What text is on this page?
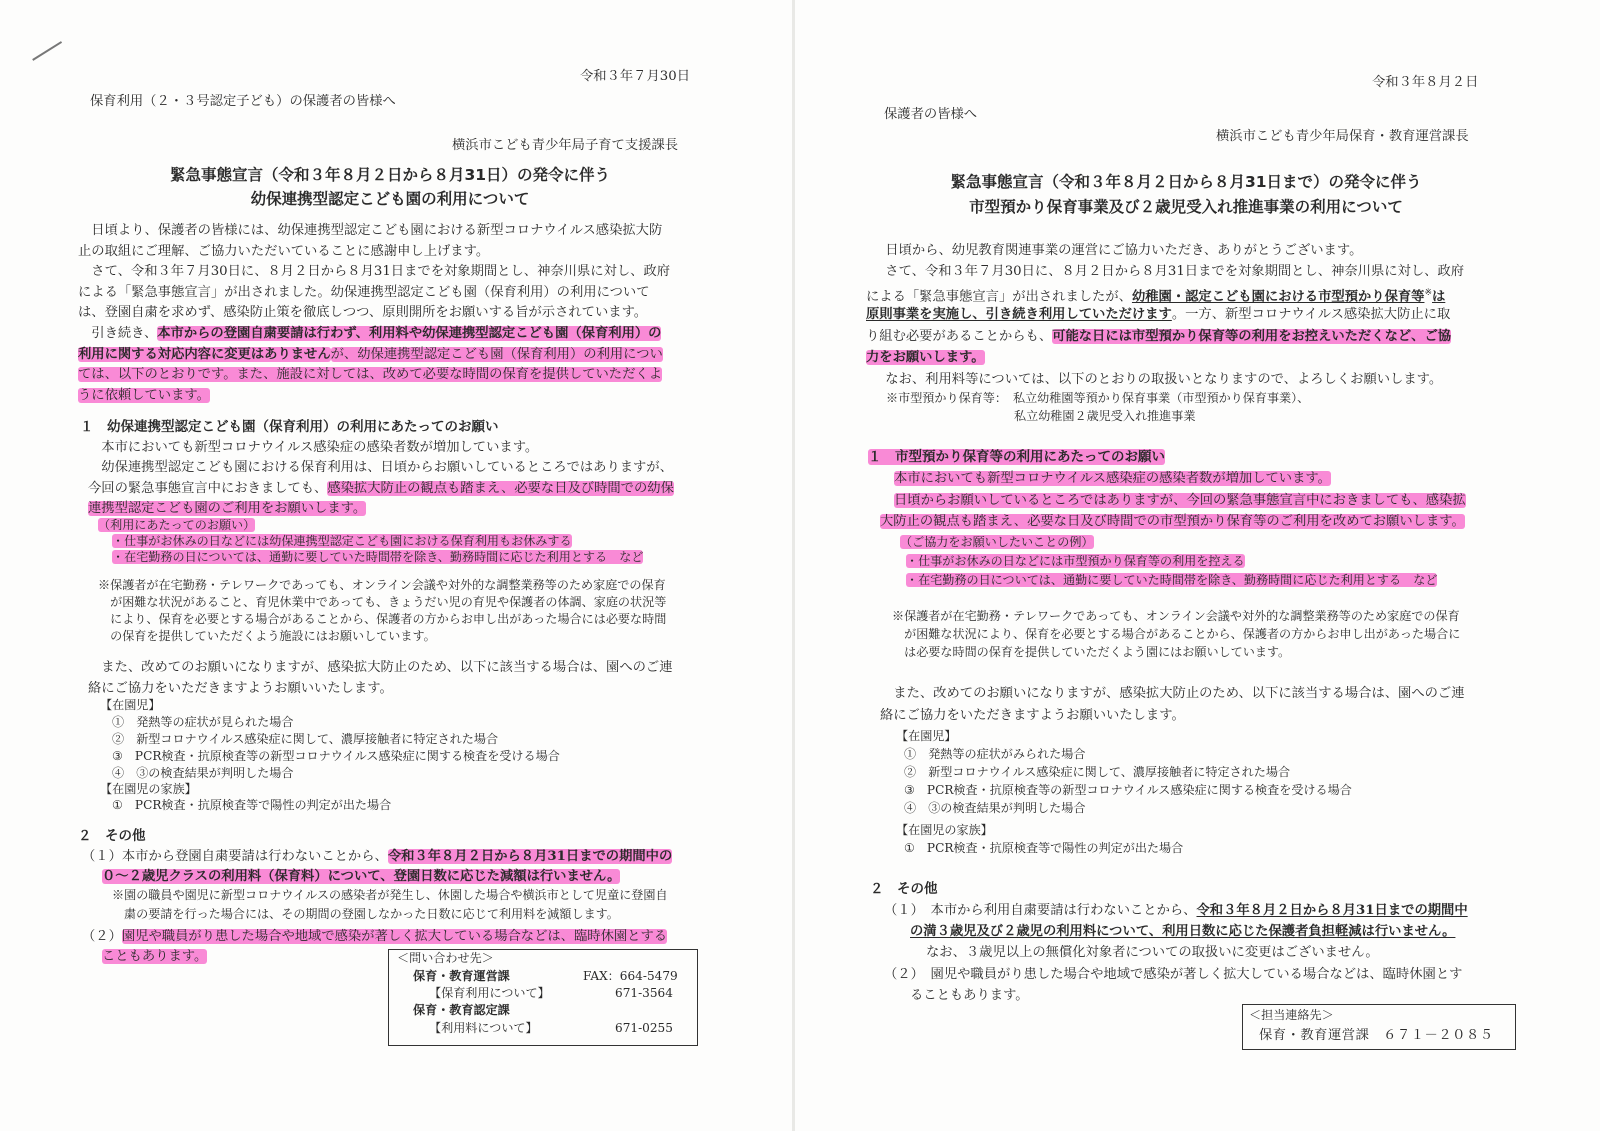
令和３年７月30日
保育利用（２・３号認定子ども）の保護者の皆様へ
横浜市こども青少年局子育て支援課長
緊急事態宣言（令和３年８月２日から８月31日）の発令に伴う
幼保連携型認定こども園の利用について
　日頃より、保護者の皆様には、幼保連携型認定こども園における新型コロナウイルス感染拡大防
止の取組にご理解、ご協力いただいていることに感謝申し上げます。
　さて、令和３年７月30日に、８月２日から８月31日までを対象期間とし、神奈川県に対し、政府
による「緊急事態宣言」が出されました。幼保連携型認定こども園（保育利用）の利用について
は、登園自粛を求めず、感染防止策を徹底しつつ、原則開所をお願いする旨が示されています。
　引き続き、本市からの登園自粛要請は行わず、利用料や幼保連携型認定こども園（保育利用）の
利用に関する対応内容に変更はありませんが、幼保連携型認定こども園（保育利用）の利用につい
ては、以下のとおりです。また、施設に対しては、改めて必要な時間の保育を提供していただくよ
うに依頼しています。
１　幼保連携型認定こども園（保育利用）の利用にあたってのお願い
　本市においても新型コロナウイルス感染症の感染者数が増加しています。
　幼保連携型認定こども園における保育利用は、日頃からお願いしているところではありますが、
今回の緊急事態宣言中におきましても、感染拡大防止の観点も踏まえ、必要な日及び時間での幼保
連携型認定こども園のご利用をお願いします。
（利用にあたってのお願い）
・仕事がお休みの日などには幼保連携型認定こども園における保育利用もお休みする
・在宅勤務の日については、通勤に要していた時間帯を除き、勤務時間に応じた利用とする　など
※保護者が在宅勤務・テレワークであっても、オンライン会議や対外的な調整業務等のため家庭での保育
　が困難な状況があること、育児休業中であっても、きょうだい児の育児や保護者の体調、家庭の状況等
　により、保育を必要とする場合があることから、保護者の方からお申し出があった場合には必要な時間
　の保育を提供していただくよう施設にはお願いしています。
　また、改めてのお願いになりますが、感染拡大防止のため、以下に該当する場合は、園へのご連
絡にご協力をいただきますようお願いいたします。
【在園児】
①　発熱等の症状が見られた場合
②　新型コロナウイルス感染症に関して、濃厚接触者に特定された場合
③　PCR検査・抗原検査等の新型コロナウイルス感染症に関する検査を受ける場合
④　③の検査結果が判明した場合
【在園児の家族】
①　PCR検査・抗原検査等で陽性の判定が出た場合
２　その他
（１）本市から登園自粛要請は行わないことから、令和３年８月２日から８月31日までの期間中の
０～２歳児クラスの利用料（保育料）について、登園日数に応じた減額は行いません。
※園の職員や園児に新型コロナウイルスの感染者が発生し、休園した場合や横浜市として児童に登園自
粛の要請を行った場合には、その期間の登園しなかった日数に応じて利用料を減額します。
（２）園児や職員がり患した場合や地域で感染が著しく拡大している場合などは、臨時休園とする
こともあります。	＜問い合わせ先＞
保育・教育運営課	FAX：664-5479
【保育利用について】	671-3564
保育・教育認定課
【利用料について】	671-0255
令和３年８月２日
保護者の皆様へ
横浜市こども青少年局保育・教育運営課長
緊急事態宣言（令和３年８月２日から８月31日まで）の発令に伴う
市型預かり保育事業及び２歳児受入れ推進事業の利用について
　日頃から、幼児教育関連事業の運営にご協力いただき、ありがとうございます。
　さて、令和３年７月30日に、８月２日から８月31日までを対象期間とし、神奈川県に対し、政府
による「緊急事態宣言」が出されましたが、幼稚園・認定こども園における市型預かり保育等※は
原則事業を実施し、引き続き利用していただけます。一方、新型コロナウイルス感染拡大防止に取
り組む必要があることからも、可能な日には市型預かり保育等の利用をお控えいただくなど、ご協
力をお願いします。
　なお、利用料等については、以下のとおりの取扱いとなりますので、よろしくお願いします。
※市型預かり保育等：　私立幼稚園等預かり保育事業（市型預かり保育事業）、
私立幼稚園２歳児受入れ推進事業
１　市型預かり保育等の利用にあたってのお願い
本市においても新型コロナウイルス感染症の感染者数が増加しています。
日頃からお願いしているところではありますが、今回の緊急事態宣言中におきましても、感染拡
大防止の観点も踏まえ、必要な日及び時間での市型預かり保育等のご利用を改めてお願いします。
（ご協力をお願いしたいことの例）
・仕事がお休みの日などには市型預かり保育等の利用を控える
・在宅勤務の日については、通勤に要していた時間帯を除き、勤務時間に応じた利用とする　など
※保護者が在宅勤務・テレワークであっても、オンライン会議や対外的な調整業務等のため家庭での保育
　が困難な状況により、保育を必要とする場合があることから、保護者の方からお申し出があった場合に
　は必要な時間の保育を提供していただくよう園にはお願いしています。
　また、改めてのお願いになりますが、感染拡大防止のため、以下に該当する場合は、園へのご連
絡にご協力をいただきますようお願いいたします。
【在園児】
①　発熱等の症状がみられた場合
②　新型コロナウイルス感染症に関して、濃厚接触者に特定された場合
③　PCR検査・抗原検査等の新型コロナウイルス感染症に関する検査を受ける場合
④　③の検査結果が判明した場合
【在園児の家族】
①　PCR検査・抗原検査等で陽性の判定が出た場合
２　その他
（１）　本市から利用自粛要請は行わないことから、令和３年８月２日から８月31日までの期間中
の満３歳児及び２歳児の利用料について、利用日数に応じた保護者負担軽減は行いません。
なお、３歳児以上の無償化対象者についての取扱いに変更はございません。
（２）　園児や職員がり患した場合や地域で感染が著しく拡大している場合などは、臨時休園とす
ることもあります。
＜担当連絡先＞
保育・教育運営課　６７１－２０８５
